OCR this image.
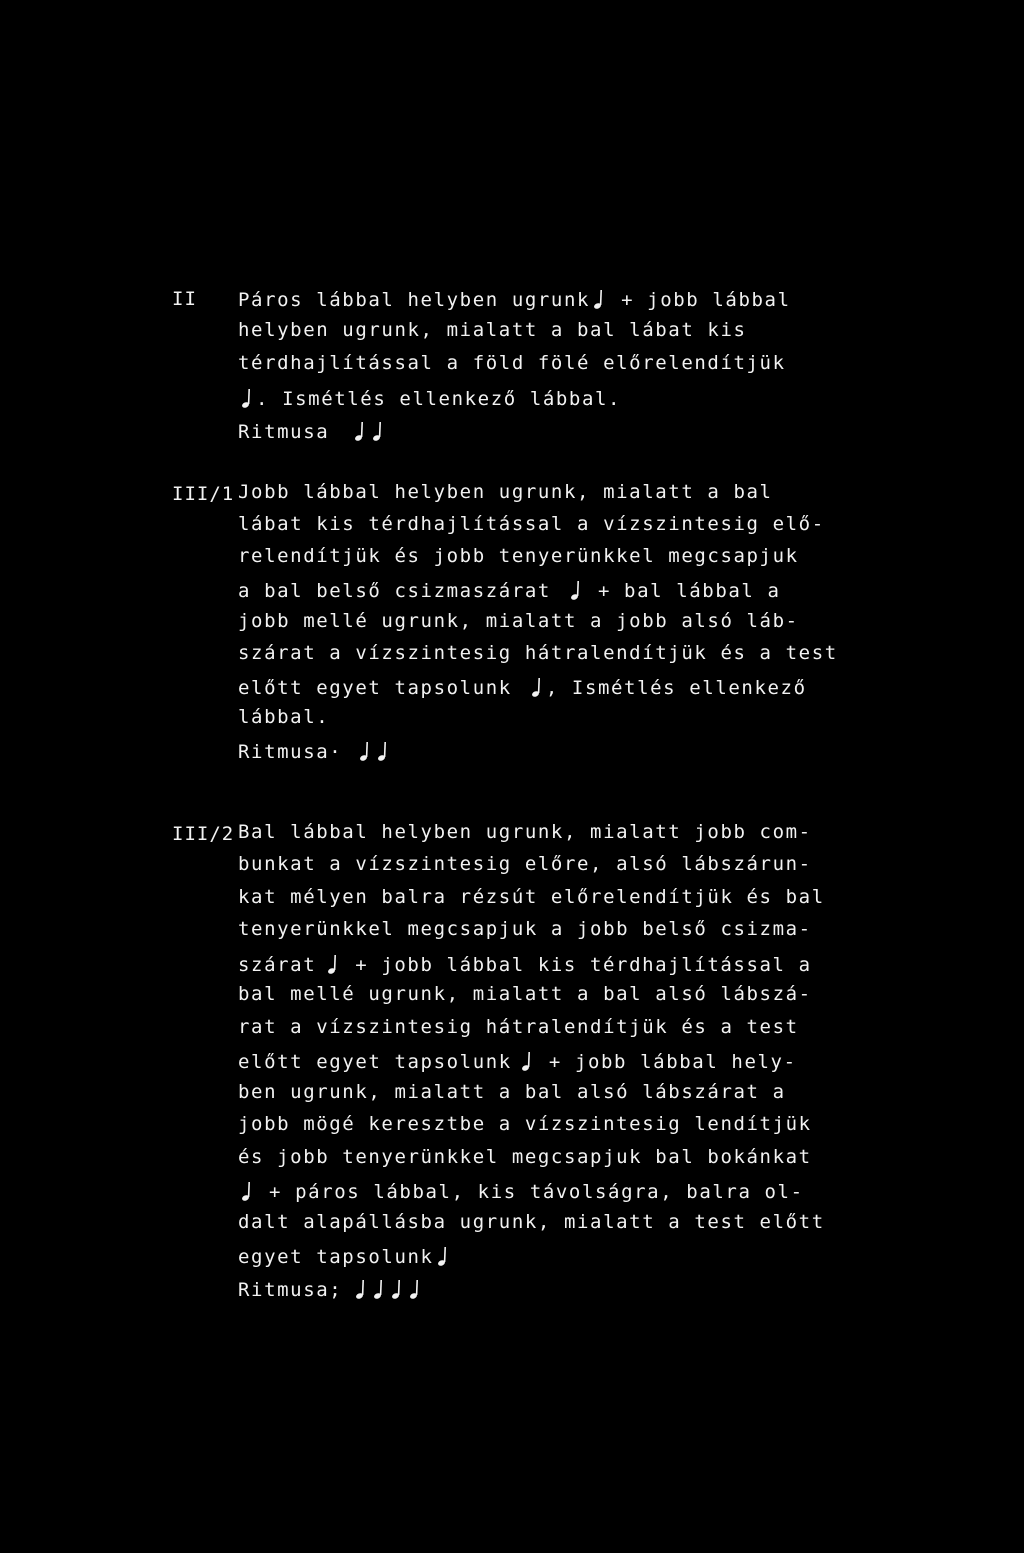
II Páros lábbal helyben ugrunk
+ jobb lábbal
helyben ugrunk, mialatt a bal lábat kis
térdhajlítással a föld fölé előrelendítjük
. Ismétlés ellenkező lábbal.
Ritmusa
III/1 Jobb lábbal helyben ugrunk, mialatt a bal
lábat kis térdhajlítással a vízszintesig elő-
relendítjük és jobb tenyerünkkel megcsapjuk
a bal belső csizmaszárat
+ bal lábbal a
jobb mellé ugrunk, mialatt a jobb alsó láb-
szárat a vízszintesig hátralendítjük és a test
előtt egyet tapsolunk , Ismétlés ellenkező
lábbal.
Ritmusa·
III/2 Bal lábbal helyben ugrunk, mialatt jobb com-
bunkat a vízszintesig előre, alsó lábszárun-
kat mélyen balra rézsút előrelendítjük és bal
tenyerünkkel megcsapjuk a jobb belső csizma-
szárat
+ jobb lábbal kis térdhajlítással a
bal mellé ugrunk, mialatt a bal alsó lábszá-
rat a vízszintesig hátralendítjük és a test
előtt egyet tapsolunk
+ jobb lábbal hely-
ben ugrunk, mialatt a bal alsó lábszárat a
jobb mögé keresztbe a vízszintesig lendítjük
és jobb tenyerünkkel megcsapjuk bal bokánkat
+ páros lábbal, kis távolságra, balra ol-
dalt alapállásba ugrunk, mialatt a test előtt
egyet tapsolunk
Ritmusa;
